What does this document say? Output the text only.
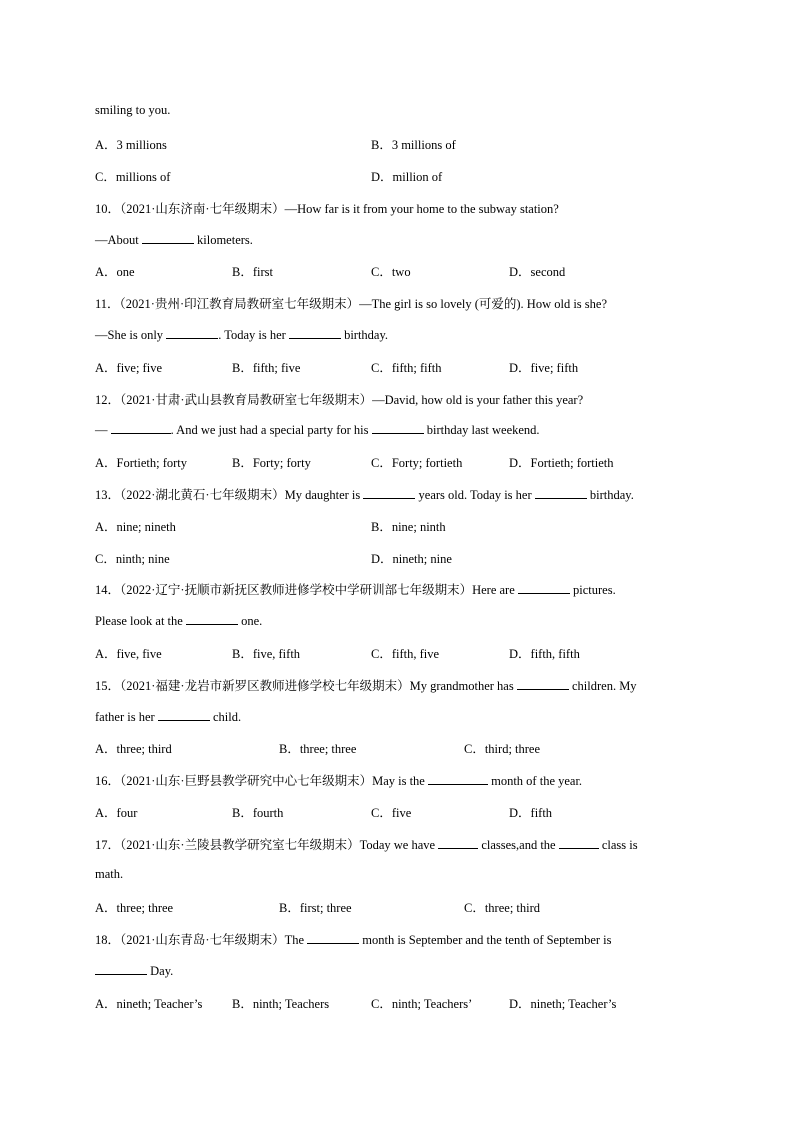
smiling to you.
A．3 millions	B．3 millions of
C．millions of	D．million of
10．（2021·山东济南·七年级期末）—How far is it from your home to the subway station?
—About	kilometers.
A．one	B．first	C．two	D．second
11．（2021·贵州·印江教育局教研室七年级期末）—The girl is so lovely (可爱的). How old is she?
—She is only	. Today is her	birthday.
A．five; five	B．fifth; five	C．fifth; fifth	D．five; fifth
12．（2021·甘肃·武山县教育局教研室七年级期末）—David, how old is your father this year?
—	. And we just had a special party for his	birthday last weekend.
A．Fortieth; forty	B．Forty; forty	C．Forty; fortieth	D．Fortieth; fortieth
13．（2022·湖北黄石·七年级期末）My daughter is	years old. Today is her	birthday.
A．nine; nineth	B．nine; ninth
C．ninth; nine	D．nineth; nine
14．（2022·辽宁·抚顺市新抚区教师进修学校中学研训部七年级期末）Here are	pictures.
Please look at the	one.
A．five, five	B．five, fifth	C．fifth, five	D．fifth, fifth
15．（2021·福建·龙岩市新罗区教师进修学校七年级期末）My grandmother has	children. My
father is her	child.
A．three; third	B．three; three	C．third; three
16．（2021·山东·巨野县教学研究中心七年级期末）May is the	month of the year.
A．four	B．fourth	C．five	D．fifth
17．（2021·山东·兰陵县教学研究室七年级期末）Today we have	classes,and the	class is
math.
A．three; three	B．first; three	C．three; third
18．（2021·山东青岛·七年级期末）The	month is September and the tenth of September is
Day.
A．nineth; Teacher’s B．ninth; Teachers	C．ninth; Teachers’	D．nineth; Teacher’s
